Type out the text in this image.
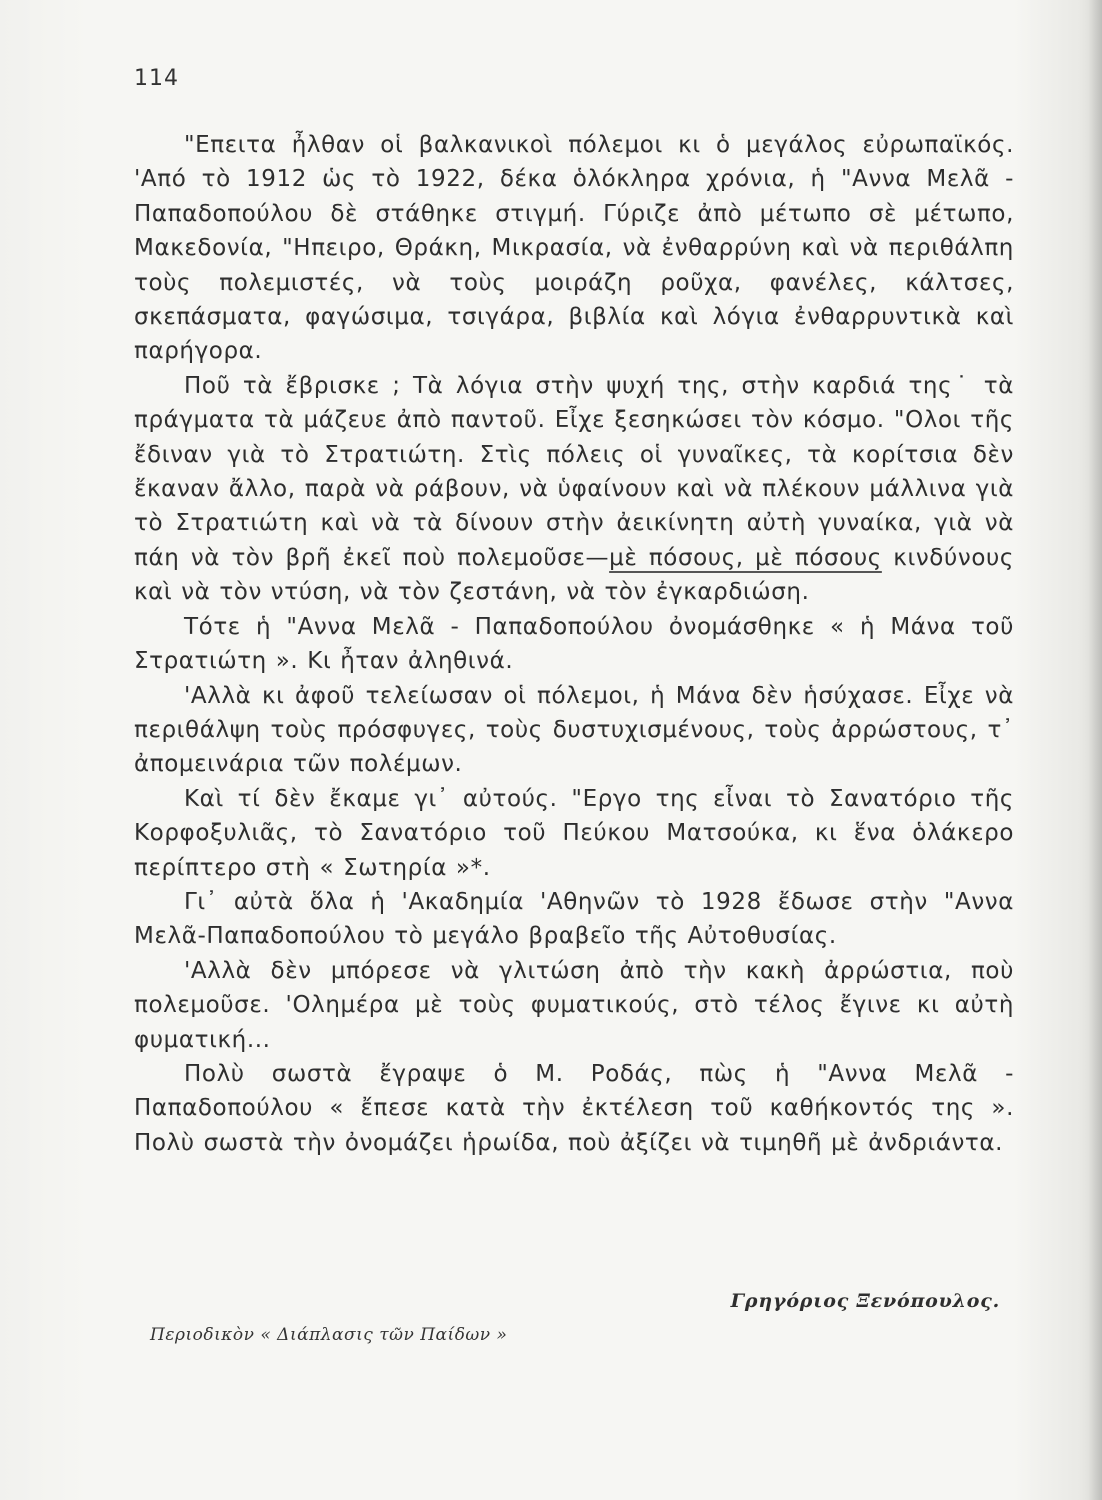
114

"Επειτα ἦλθαν οἱ βαλκανικοὶ πόλεμοι κι ὁ μεγάλος εὐρωπαϊκός. 'Από τὸ 1912 ὡς τὸ 1922, δέκα ὁλόκληρα χρόνια, ἡ "Αννα Μελᾶ - Παπαδοπούλου δὲ στάθηκε στιγμή. Γύριζε ἀπὸ μέτωπο σὲ μέτωπο, Μακεδονία, "Ηπειρο, Θράκη, Μικρασία, νὰ ἐνθαρρύνη καὶ νὰ περιθάλπη τοὺς πολεμιστές, νὰ τοὺς μοιράζη ροῦχα, φανέλες, κάλτσες, σκεπάσματα, φαγώσιμα, τσιγάρα, βιβλία καὶ λόγια ἐνθαρρυντικὰ καὶ παρήγορα.

Ποῦ τὰ ἔβρισκε ; Τὰ λόγια στὴν ψυχή της, στὴν καρδιά της˙ τὰ πράγματα τὰ μάζευε ἀπὸ παντοῦ. Εἶχε ξεσηκώσει τὸν κόσμο. "Ολοι τῆς ἔδιναν γιὰ τὸ Στρατιώτη. Στὶς πόλεις οἱ γυναῖκες, τὰ κορίτσια δὲν ἔκαναν ἄλλο, παρὰ νὰ ράβουν, νὰ ὑφαίνουν καὶ νὰ πλέκουν μάλλινα γιὰ τὸ Στρατιώτη καὶ νὰ τὰ δίνουν στὴν ἀεικίνητη αὐτὴ γυναίκα, γιὰ νὰ πάη νὰ τὸν βρῆ ἐκεῖ ποὺ πολεμοῦσε—μὲ πόσους, μὲ πόσους κινδύνους καὶ νὰ τὸν ντύση, νὰ τὸν ζεστάνη, νὰ τὸν ἐγκαρδιώση.

Τότε ἡ "Αννα Μελᾶ - Παπαδοπούλου ὀνομάσθηκε « ἡ Μάνα τοῦ Στρατιώτη ». Κι ἦταν ἀληθινά.

'Αλλὰ κι ἀφοῦ τελείωσαν οἱ πόλεμοι, ἡ Μάνα δὲν ἡσύχασε. Εἶχε νὰ περιθάλψη τοὺς πρόσφυγες, τοὺς δυστυχισμένους, τοὺς ἀρρώστους, τ᾿ ἀπομεινάρια τῶν πολέμων.

Καὶ τί δὲν ἔκαμε γι᾿ αὐτούς. "Εργο της εἶναι τὸ Σανατόριο τῆς Κορφοξυλιᾶς, τὸ Σανατόριο τοῦ Πεύκου Ματσούκα, κι ἕνα ὁλάκερο περίπτερο στὴ « Σωτηρία »*.

Γι᾿ αὐτὰ ὅλα ἡ 'Ακαδημία 'Αθηνῶν τὸ 1928 ἔδωσε στὴν "Αννα Μελᾶ-Παπαδοπούλου τὸ μεγάλο βραβεῖο τῆς Αὐτοθυσίας.

'Αλλὰ δὲν μπόρεσε νὰ γλιτώση ἀπὸ τὴν κακὴ ἀρρώστια, ποὺ πολεμοῦσε. 'Ολημέρα μὲ τοὺς φυματικούς, στὸ τέλος ἔγινε κι αὐτὴ φυματική...

Πολὺ σωστὰ ἔγραψε ὁ Μ. Ροδάς, πὼς ἡ "Αννα Μελᾶ - Παπαδοπούλου « ἔπεσε κατὰ τὴν ἐκτέλεση τοῦ καθήκοντός της ». Πολὺ σωστὰ τὴν ὀνομάζει ἡρωίδα, ποὺ ἀξίζει νὰ τιμηθῆ μὲ ἀνδριάντα.

Γρηγόριος Ξενόπουλος.
Περιοδικὸν « Διάπλασις τῶν Παίδων »
